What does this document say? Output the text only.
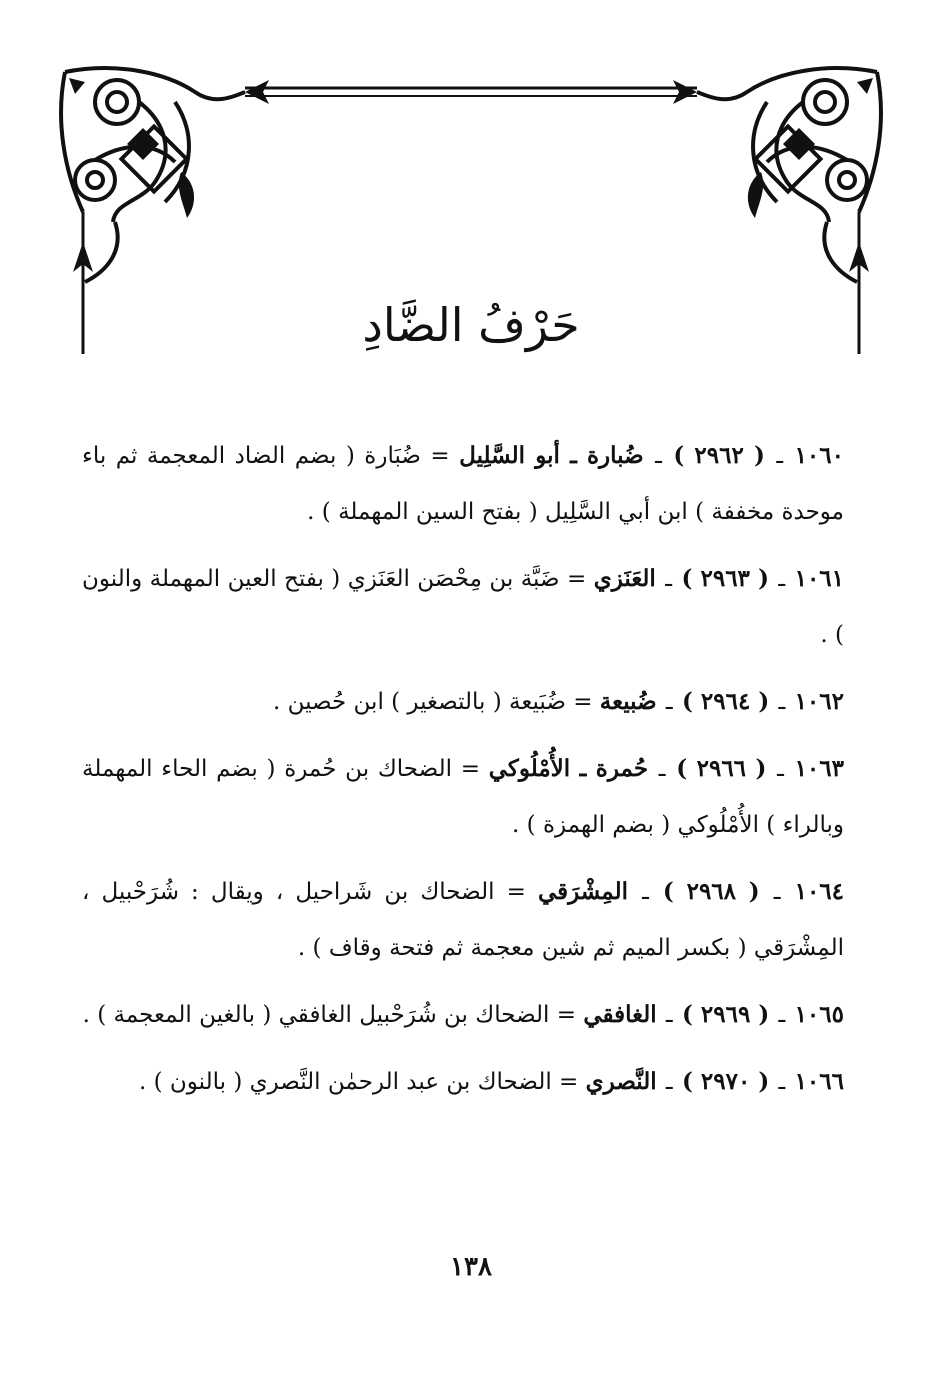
حَرْفُ الضَّادِ

١٠٦٠ ـ ( ٢٩٦٢ ) ـ ضُبارة ـ أبو السَّلِيل = ضُبَارة ( بضم الضاد المعجمة ثم باء موحدة مخففة ) ابن أبي السَّلِيل ( بفتح السين المهملة ) .

١٠٦١ ـ ( ٢٩٦٣ ) ـ العَنَزي = ضَبَّة بن مِحْصَن العَنَزي ( بفتح العين المهملة والنون ) .

١٠٦٢ ـ ( ٢٩٦٤ ) ـ ضُبيعة = ضُبَيعة ( بالتصغير ) ابن حُصين .

١٠٦٣ ـ ( ٢٩٦٦ ) ـ حُمرة ـ الأُمْلُوكي = الضحاك بن حُمرة ( بضم الحاء المهملة وبالراء ) الأُمْلُوكي ( بضم الهمزة ) .

١٠٦٤ ـ ( ٢٩٦٨ ) ـ المِشْرَقي = الضحاك بن شَراحيل ، ويقال : شُرَحْبيل ، المِشْرَقي ( بكسر الميم ثم شين معجمة ثم فتحة وقاف ) .

١٠٦٥ ـ ( ٢٩٦٩ ) ـ الغافقي = الضحاك بن شُرَحْبيل الغافقي ( بالغين المعجمة ) .

١٠٦٦ ـ ( ٢٩٧٠ ) ـ النَّصري = الضحاك بن عبد الرحمٰن النَّصري ( بالنون ) .

١٣٨
